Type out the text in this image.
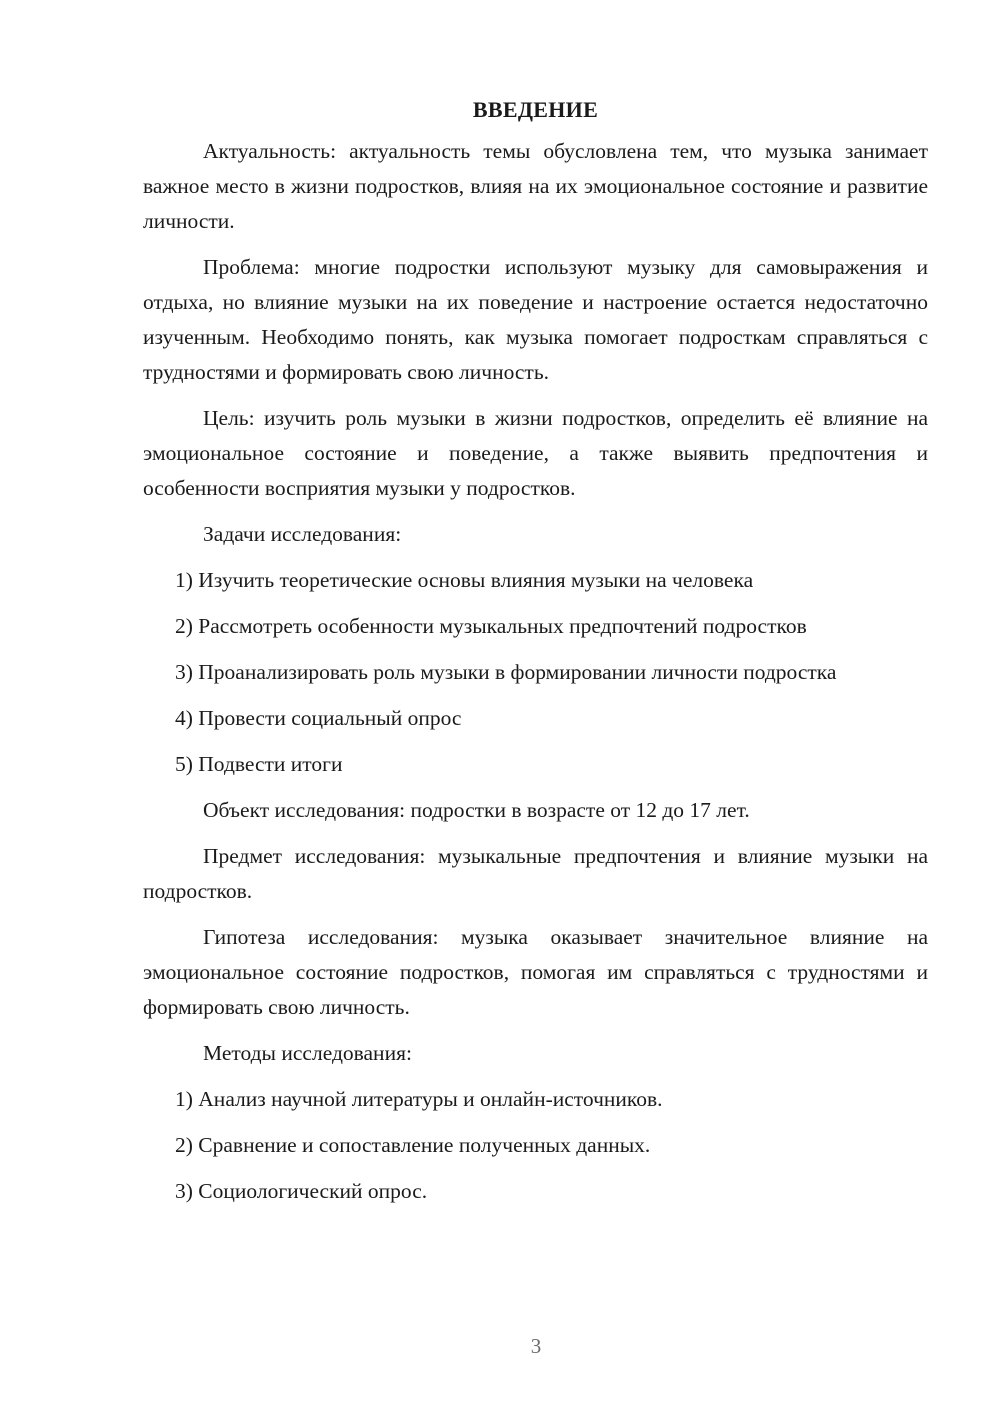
ВВЕДЕНИЕ

Актуальность: актуальность темы обусловлена тем, что музыка занимает важное место в жизни подростков, влияя на их эмоциональное состояние и развитие личности.

Проблема: многие подростки используют музыку для самовыражения и отдыха, но влияние музыки на их поведение и настроение остается недостаточно изученным. Необходимо понять, как музыка помогает подросткам справляться с трудностями и формировать свою личность.

Цель: изучить роль музыки в жизни подростков, определить её влияние на эмоциональное состояние и поведение, а также выявить предпочтения и особенности восприятия музыки у подростков.

Задачи исследования:

1) Изучить теоретические основы влияния музыки на человека

2) Рассмотреть особенности музыкальных предпочтений подростков

3) Проанализировать роль музыки в формировании личности подростка

4) Провести социальный опрос

5) Подвести итоги

Объект исследования: подростки в возрасте от 12 до 17 лет.

Предмет исследования: музыкальные предпочтения и влияние музыки на подростков.

Гипотеза исследования: музыка оказывает значительное влияние на эмоциональное состояние подростков, помогая им справляться с трудностями и формировать свою личность.

Методы исследования:

1) Анализ научной литературы и онлайн-источников.

2) Сравнение и сопоставление полученных данных.

3) Социологический опрос.

3
